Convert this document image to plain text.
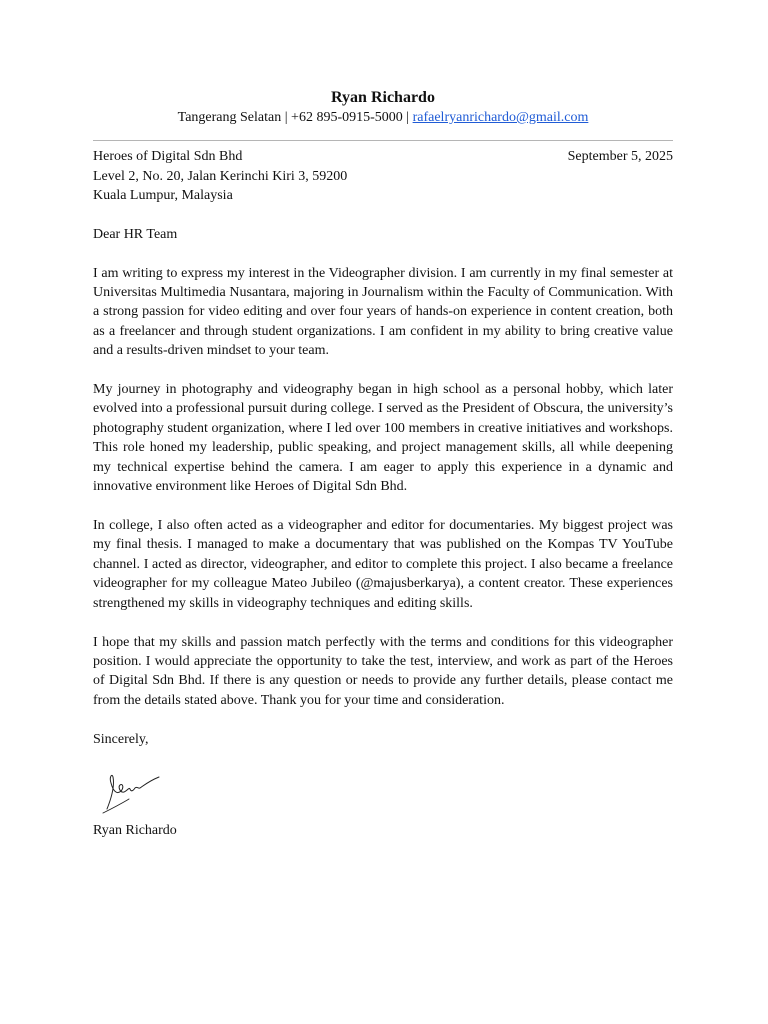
Ryan Richardo
Tangerang Selatan | +62 895-0915-5000 | rafaelryanrichardo@gmail.com
Heroes of Digital Sdn Bhd
Level 2, No. 20, Jalan Kerinchi Kiri 3, 59200
Kuala Lumpur, Malaysia
September 5, 2025
Dear HR Team
I am writing to express my interest in the Videographer division. I am currently in my final semester at Universitas Multimedia Nusantara, majoring in Journalism within the Faculty of Communication. With a strong passion for video editing and over four years of hands-on experience in content creation, both as a freelancer and through student organizations. I am confident in my ability to bring creative value and a results-driven mindset to your team.
My journey in photography and videography began in high school as a personal hobby, which later evolved into a professional pursuit during college. I served as the President of Obscura, the university’s photography student organization, where I led over 100 members in creative initiatives and workshops. This role honed my leadership, public speaking, and project management skills, all while deepening my technical expertise behind the camera. I am eager to apply this experience in a dynamic and innovative environment like Heroes of Digital Sdn Bhd.
In college, I also often acted as a videographer and editor for documentaries. My biggest project was my final thesis. I managed to make a documentary that was published on the Kompas TV YouTube channel. I acted as director, videographer, and editor to complete this project. I also became a freelance videographer for my colleague Mateo Jubileo (@majusberkarya), a content creator. These experiences strengthened my skills in videography techniques and editing skills.
I hope that my skills and passion match perfectly with the terms and conditions for this videographer position. I would appreciate the opportunity to take the test, interview, and work as part of the Heroes of Digital Sdn Bhd. If there is any question or needs to provide any further details, please contact me from the details stated above. Thank you for your time and consideration.
Sincerely,
Ryan Richardo
